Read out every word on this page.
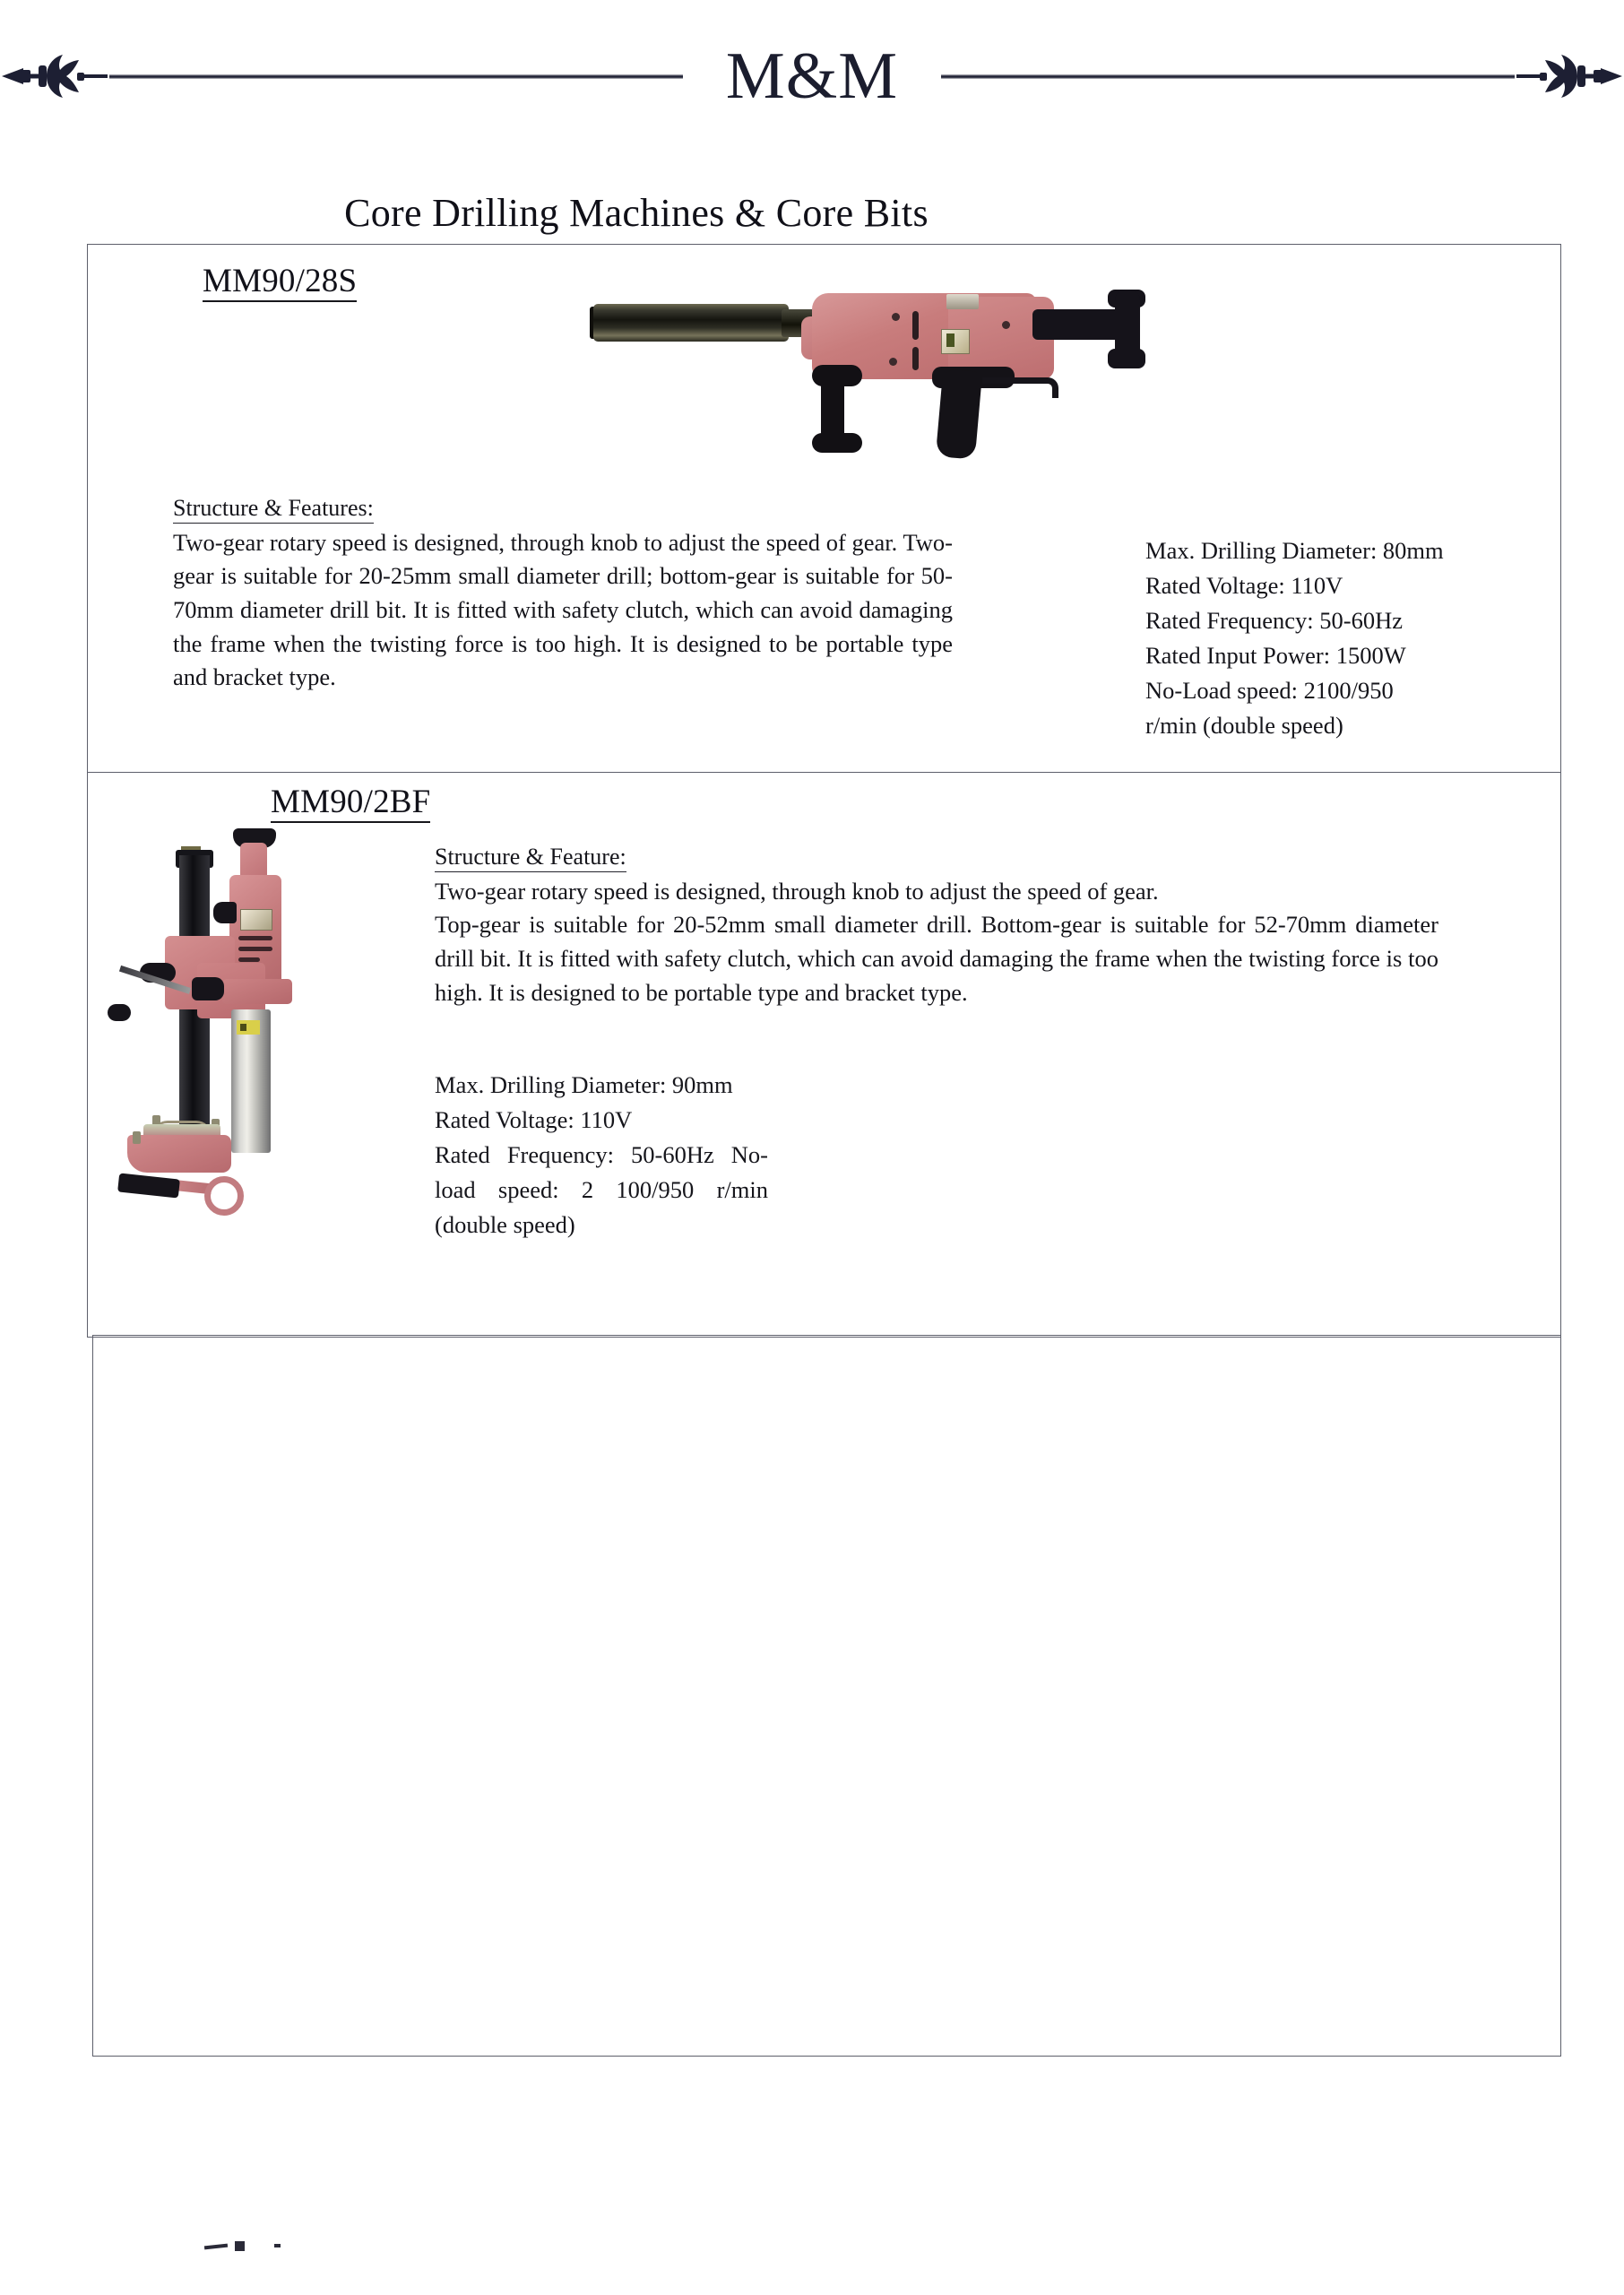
M&M
Core Drilling Machines & Core Bits
MM90/28S
Structure & Features:
Two-gear rotary speed is designed, through knob to adjust the speed of gear. Two-gear is suitable for 20-25mm small diameter drill; bottom-gear is suitable for 50-70mm diameter drill bit. It is fitted with safety clutch, which can avoid damaging the frame when the twisting force is too high. It is designed to be portable type and bracket type.
Max. Drilling Diameter: 80mm
Rated Voltage: 110V
Rated Frequency: 50-60Hz
Rated Input Power: 1500W
No-Load speed: 2100/950
r/min (double speed)
MM90/2BF
Structure & Feature:
Two-gear rotary speed is designed, through knob to adjust the speed of gear.
Top-gear is suitable for 20-52mm small diameter drill. Bottom-gear is suitable for 52-70mm diameter drill bit. It is fitted with safety clutch, which can avoid damaging the frame when the twisting force is too high. It is designed to be portable type and bracket type.
Max. Drilling Diameter: 90mm
Rated Voltage: 110V
Rated Frequency: 50-60Hz No-load speed: 2 100/950 r/min (double speed)
